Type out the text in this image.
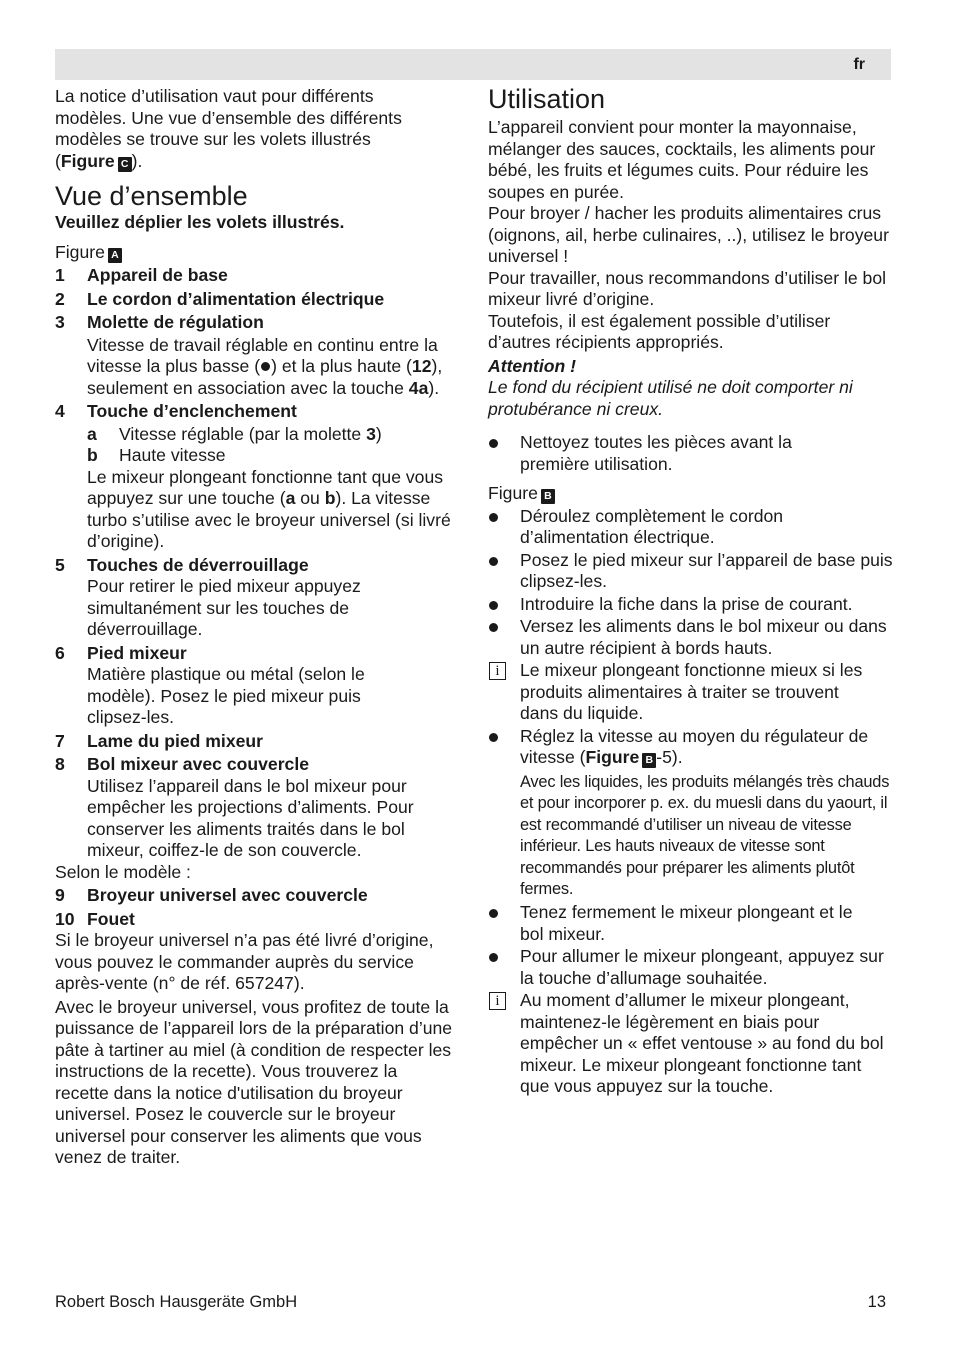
fr

La notice d’utilisation vaut pour différents modèles. Une vue d’ensemble des différents modèles se trouve sur les volets illustrés (Figure C ).

Vue d’ensemble

Veuillez déplier les volets illustrés.

Figure A

1 Appareil de base
2 Le cordon d’alimentation électrique
3 Molette de régulation
Vitesse de travail réglable en continu entre la vitesse la plus basse ( ) et la plus haute (12), seulement en association avec la touche 4a).
4 Touche d’enclenchement
a Vitesse réglable (par la molette 3)
b Haute vitesse
Le mixeur plongeant fonctionne tant que vous appuyez sur une touche (a ou b). La vitesse turbo s’utilise avec le broyeur universel (si livré d’origine).
5 Touches de déverrouillage
Pour retirer le pied mixeur appuyez simultanément sur les touches de déverrouillage.
6 Pied mixeur
Matière plastique ou métal (selon le modèle). Posez le pied mixeur puis clipsez-les.
7 Lame du pied mixeur
8 Bol mixeur avec couvercle
Utilisez l’appareil dans le bol mixeur pour empêcher les projections d’aliments. Pour conserver les aliments traités dans le bol mixeur, coiffez-le de son couvercle.

Selon le modèle :

9 Broyeur universel avec couvercle
10 Fouet

Si le broyeur universel n’a pas été livré d’origine, vous pouvez le commander auprès du service après-vente (n° de réf. 657247).

Avec le broyeur universel, vous profitez de toute la puissance de l’appareil lors de la préparation d’une pâte à tartiner au miel (à condition de respecter les instructions de la recette). Vous trouverez la recette dans la notice d'utilisation du broyeur universel. Posez le couvercle sur le broyeur universel pour conserver les aliments que vous venez de traiter.

Utilisation

L’appareil convient pour monter la mayonnaise, mélanger des sauces, cocktails, les aliments pour bébé, les fruits et légumes cuits. Pour réduire les soupes en purée.

Pour broyer / hacher les produits alimentaires crus (oignons, ail, herbe culinaires, ..), utilisez le broyeur universel !

Pour travailler, nous recommandons d’utiliser le bol mixeur livré d’origine.

Toutefois, il est également possible d’utiliser d’autres récipients appropriés.

Attention !

Le fond du récipient utilisé ne doit comporter ni protubérance ni creux.

Nettoyez toutes les pièces avant la première utilisation.

Figure B

Déroulez complètement le cordon d’alimentation électrique.
Posez le pied mixeur sur l’appareil de base puis clipsez-les.
Introduire la fiche dans la prise de courant.
Versez les aliments dans le bol mixeur ou dans un autre récipient à bords hauts.
i	Le mixeur plongeant fonctionne mieux si les produits alimentaires à traiter se trouvent dans du liquide.
Réglez la vitesse au moyen du régulateur de vitesse (Figure B -5).
Avec les liquides, les produits mélangés très chauds et pour incorporer p. ex. du muesli dans du yaourt, il est recommandé d’utiliser un niveau de vitesse inférieur. Les hauts niveaux de vitesse sont recommandés pour préparer les aliments plutôt fermes.
Tenez fermement le mixeur plongeant et le bol mixeur.
Pour allumer le mixeur plongeant, appuyez sur la touche d’allumage souhaitée.
i	Au moment d’allumer le mixeur plongeant, maintenez-le légèrement en biais pour empêcher un « effet ventouse » au fond du bol mixeur. Le mixeur plongeant fonctionne tant que vous appuyez sur la touche.
Robert Bosch Hausgeräte GmbH	13
